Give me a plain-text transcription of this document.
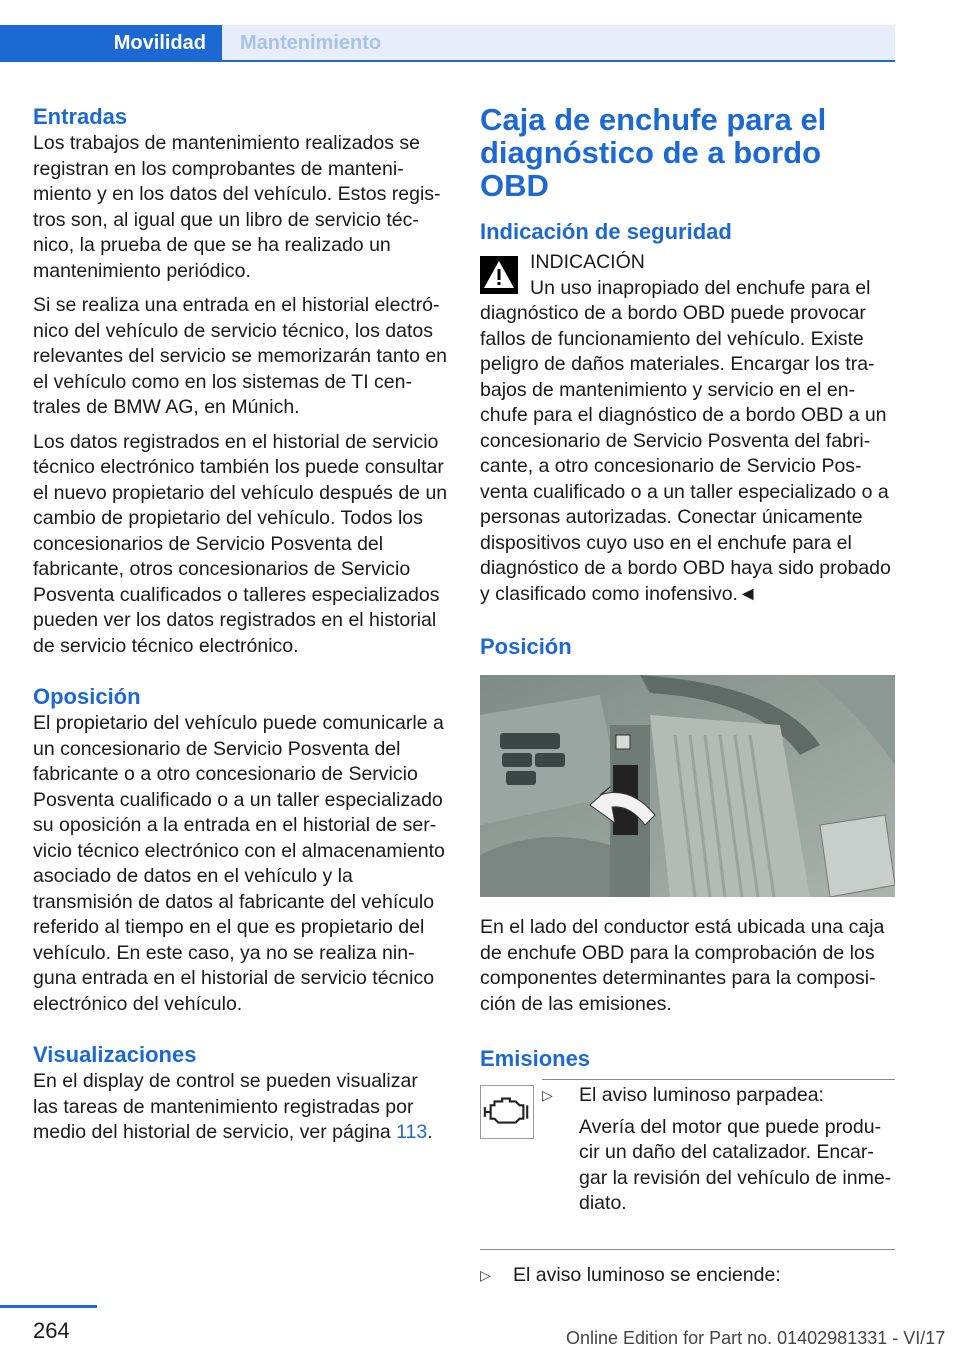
Movilidad	Mantenimiento
Entradas

Los trabajos de mantenimiento realizados se registran en los comprobantes de mantenimiento y en los datos del vehículo. Estos registros son, al igual que un libro de servicio técnico, la prueba de que se ha realizado un mantenimiento periódico.

Si se realiza una entrada en el historial electrónico del vehículo de servicio técnico, los datos relevantes del servicio se memorizarán tanto en el vehículo como en los sistemas de TI centrales de BMW AG, en Múnich.

Los datos registrados en el historial de servicio técnico electrónico también los puede consultar el nuevo propietario del vehículo después de un cambio de propietario del vehículo. Todos los concesionarios de Servicio Posventa del fabricante, otros concesionarios de Servicio Posventa cualificados o talleres especializados pueden ver los datos registrados en el historial de servicio técnico electrónico.

Oposición

El propietario del vehículo puede comunicarle a un concesionario de Servicio Posventa del fabricante o a otro concesionario de Servicio Posventa cualificado o a un taller especializado su oposición a la entrada en el historial de servicio técnico electrónico con el almacenamiento asociado de datos en el vehículo y la transmisión de datos al fabricante del vehículo referido al tiempo en el que es propietario del vehículo. En este caso, ya no se realiza ninguna entrada en el historial de servicio técnico electrónico del vehículo.

Visualizaciones

En el display de control se pueden visualizar las tareas de mantenimiento registradas por medio del historial de servicio, ver página 113.

Caja de enchufe para el diagnóstico de a bordo OBD
Indicación de seguridad
INDICACIÓN
Un uso inapropiado del enchufe para el
diagnóstico de a bordo OBD puede provocar fallos de funcionamiento del vehículo. Existe peligro de daños materiales. Encargar los trabajos de mantenimiento y servicio en el enchufe para el diagnóstico de a bordo OBD a un concesionario de Servicio Posventa del fabricante, a otro concesionario de Servicio Posventa cualificado o a un taller especializado o a personas autorizadas. Conectar únicamente dispositivos cuyo uso en el enchufe para el diagnóstico de a bordo OBD haya sido probado y clasificado como inofensivo.◄
Posición

En el lado del conductor está ubicada una caja de enchufe OBD para la comprobación de los componentes determinantes para la composición de las emisiones.

Emisiones
▷ El aviso luminoso parpadea:
Avería del motor que puede producir un daño del catalizador. Encargar la revisión del vehículo de inmediato.
▷ El aviso luminoso se enciende:
264	Online Edition for Part no. 01402981331 - VI/17
